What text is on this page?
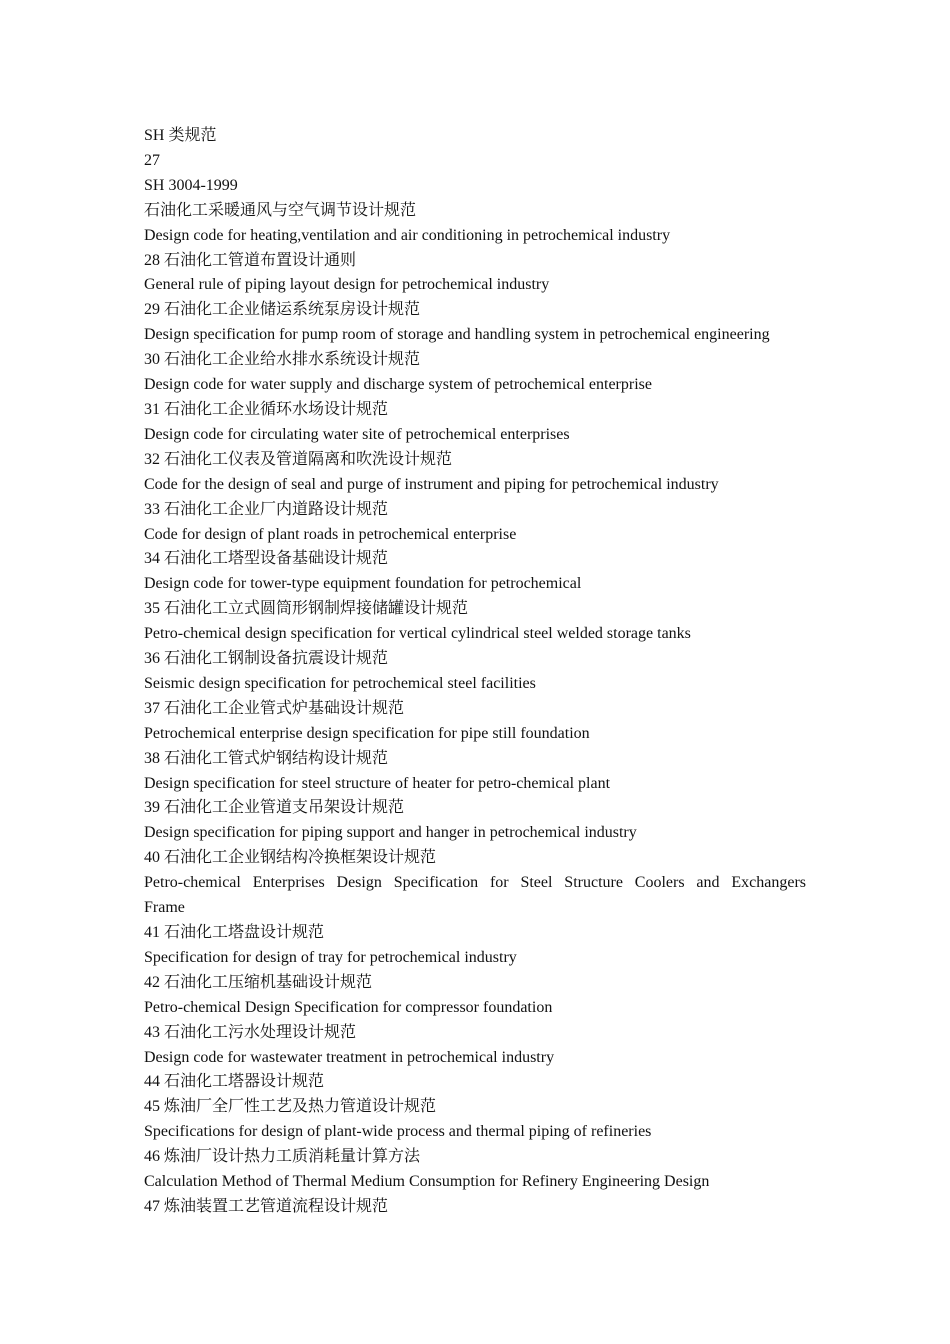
SH 类规范
27
SH 3004-1999
石油化工采暖通风与空气调节设计规范
Design code for heating,ventilation and air conditioning in petrochemical industry
28 石油化工管道布置设计通则
General rule of piping layout design for petrochemical industry
29 石油化工企业储运系统泵房设计规范
Design specification for pump room of storage and handling system in petrochemical engineering
30 石油化工企业给水排水系统设计规范
Design code for water supply and discharge system of petrochemical enterprise
31 石油化工企业循环水场设计规范
Design code for circulating water site of petrochemical enterprises
32 石油化工仪表及管道隔离和吹洗设计规范
Code for the design of seal and purge of instrument and piping for petrochemical industry
33 石油化工企业厂内道路设计规范
Code for design of plant roads in petrochemical enterprise
34 石油化工塔型设备基础设计规范
Design code for tower-type equipment foundation for petrochemical
35 石油化工立式圆筒形钢制焊接储罐设计规范
Petro-chemical design specification for vertical cylindrical steel welded storage tanks
36 石油化工钢制设备抗震设计规范
Seismic design specification for petrochemical steel facilities
37 石油化工企业管式炉基础设计规范
Petrochemical enterprise design specification for pipe still foundation
38 石油化工管式炉钢结构设计规范
Design specification for steel structure of heater for petro-chemical plant
39 石油化工企业管道支吊架设计规范
Design specification for piping support and hanger in petrochemical industry
40 石油化工企业钢结构冷换框架设计规范
Petro-chemical Enterprises Design Specification for Steel Structure Coolers and Exchangers
Frame
41 石油化工塔盘设计规范
Specification for design of tray for petrochemical industry
42 石油化工压缩机基础设计规范
Petro-chemical Design Specification for compressor foundation
43 石油化工污水处理设计规范
Design code for wastewater treatment in petrochemical industry
44 石油化工塔器设计规范
45 炼油厂全厂性工艺及热力管道设计规范
Specifications for design of plant-wide process and thermal piping of refineries
46 炼油厂设计热力工质消耗量计算方法
Calculation Method of Thermal Medium Consumption for Refinery Engineering Design
47 炼油装置工艺管道流程设计规范
